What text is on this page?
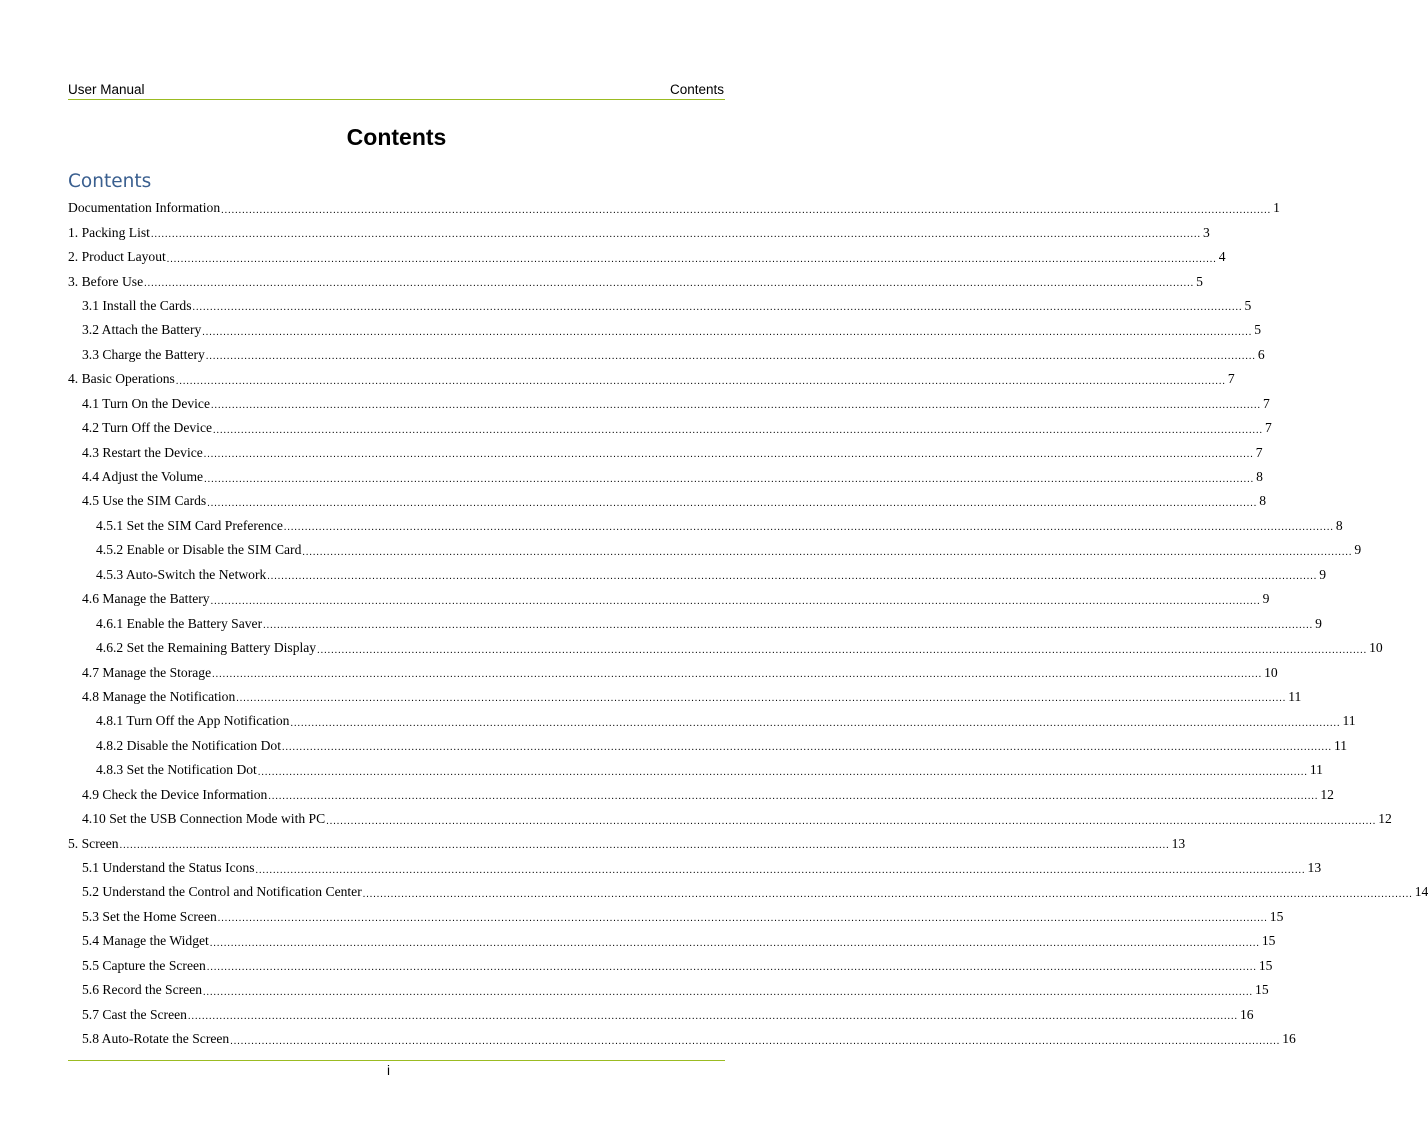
User Manual	Contents
Contents
Contents
Documentation Information ............................................................................................................................................................................................................................................................................................................ 1
1. Packing List ............................................................................................................................................................................................................................................................................................................ 3
2. Product Layout ............................................................................................................................................................................................................................................................................................................ 4
3. Before Use ............................................................................................................................................................................................................................................................................................................ 5
3.1 Install the Cards ............................................................................................................................................................................................................................................................................................................ 5
3.2 Attach the Battery ............................................................................................................................................................................................................................................................................................................ 5
3.3 Charge the Battery ............................................................................................................................................................................................................................................................................................................ 6
4. Basic Operations ............................................................................................................................................................................................................................................................................................................ 7
4.1 Turn On the Device ............................................................................................................................................................................................................................................................................................................ 7
4.2 Turn Off the Device ............................................................................................................................................................................................................................................................................................................ 7
4.3 Restart the Device ............................................................................................................................................................................................................................................................................................................ 7
4.4 Adjust the Volume ............................................................................................................................................................................................................................................................................................................ 8
4.5 Use the SIM Cards ............................................................................................................................................................................................................................................................................................................ 8
4.5.1 Set the SIM Card Preference ............................................................................................................................................................................................................................................................................................................ 8
4.5.2 Enable or Disable the SIM Card ............................................................................................................................................................................................................................................................................................................ 9
4.5.3 Auto-Switch the Network ............................................................................................................................................................................................................................................................................................................ 9
4.6 Manage the Battery ............................................................................................................................................................................................................................................................................................................ 9
4.6.1 Enable the Battery Saver ............................................................................................................................................................................................................................................................................................................ 9
4.6.2 Set the Remaining Battery Display ............................................................................................................................................................................................................................................................................................................ 10
4.7 Manage the Storage ............................................................................................................................................................................................................................................................................................................ 10
4.8 Manage the Notification ............................................................................................................................................................................................................................................................................................................ 11
4.8.1 Turn Off the App Notification ............................................................................................................................................................................................................................................................................................................ 11
4.8.2 Disable the Notification Dot ............................................................................................................................................................................................................................................................................................................ 11
4.8.3 Set the Notification Dot ............................................................................................................................................................................................................................................................................................................ 11
4.9 Check the Device Information ............................................................................................................................................................................................................................................................................................................ 12
4.10 Set the USB Connection Mode with PC ............................................................................................................................................................................................................................................................................................................ 12
5. Screen ............................................................................................................................................................................................................................................................................................................ 13
5.1 Understand the Status Icons ............................................................................................................................................................................................................................................................................................................ 13
5.2 Understand the Control and Notification Center ............................................................................................................................................................................................................................................................................................................ 14
5.3 Set the Home Screen ............................................................................................................................................................................................................................................................................................................ 15
5.4 Manage the Widget ............................................................................................................................................................................................................................................................................................................ 15
5.5 Capture the Screen ............................................................................................................................................................................................................................................................................................................ 15
5.6 Record the Screen ............................................................................................................................................................................................................................................................................................................ 15
5.7 Cast the Screen ............................................................................................................................................................................................................................................................................................................ 16
5.8 Auto-Rotate the Screen ............................................................................................................................................................................................................................................................................................................ 16
i
